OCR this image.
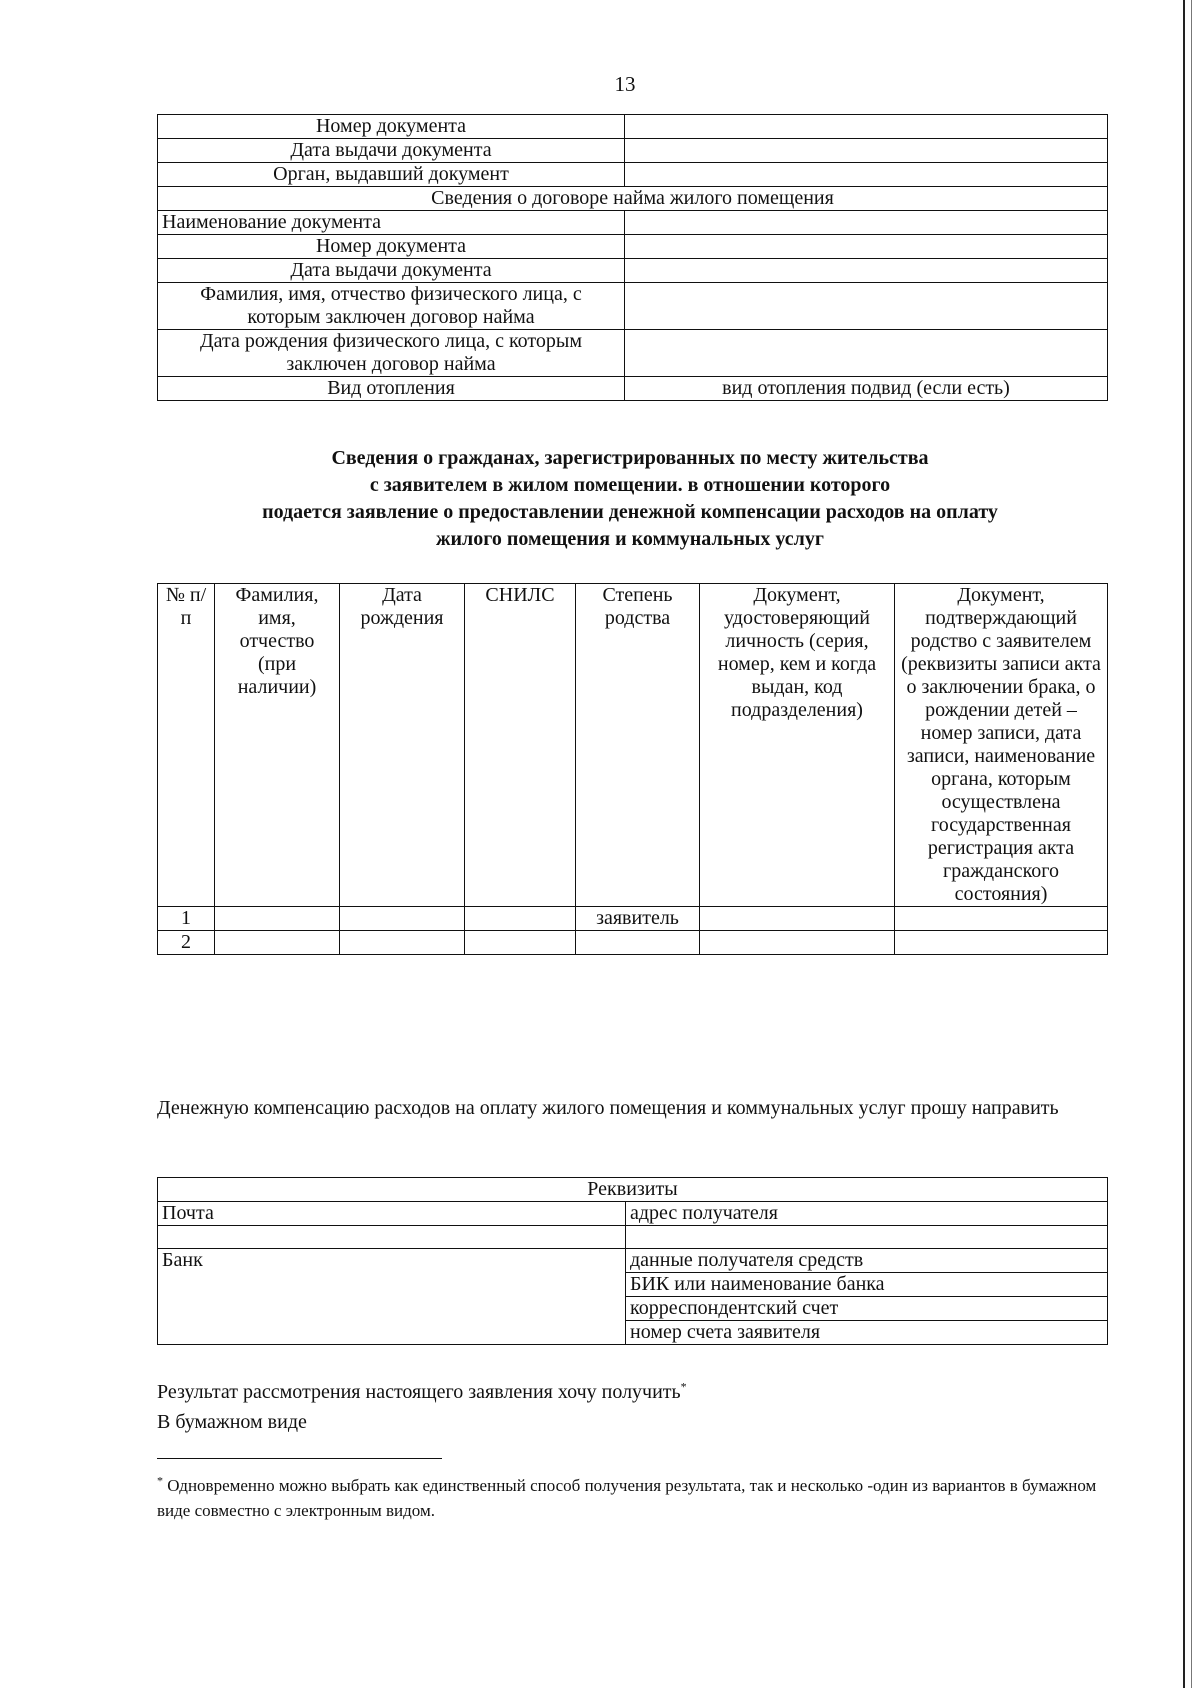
13
Номер документа	
Дата выдачи документа	
Орган, выдавший документ	
Сведения о договоре найма жилого помещения	
Наименование документа	
Номер документа	
Дата выдачи документа	
Фамилия, имя, отчество физического лица, с которым заключен договор найма	
Дата рождения физического лица, с которым заключен договор найма	
Вид отопления	вид отопления подвид (если есть)
Сведения о гражданах, зарегистрированных по месту жительства
с заявителем в жилом помещении. в отношении которого
подается заявление о предоставлении денежной компенсации расходов на оплату
жилого помещения и коммунальных услуг
№ п/п	Фамилия, имя, отчество (при наличии)	Дата рождения	СНИЛС	Степень родства	Документ, удостоверяющий личность (серия, номер, кем и когда выдан, код подразделения)	Документ, подтверждающий родство с заявителем (реквизиты записи акта о заключении брака, о рождении детей – номер записи, дата записи, наименование органа, которым осуществлена государственная регистрация акта гражданского состояния)
1				заявитель		
2						
Денежную компенсацию расходов на оплату жилого помещения и коммунальных услуг прошу направить
Реквизиты	
Почта	адрес получателя

Банк	данные получателя средств
	БИК или наименование банка
	корреспондентский счет
	номер счета заявителя
Результат рассмотрения настоящего заявления хочу получить*
В бумажном виде
* Одновременно можно выбрать как единственный способ получения результата, так и несколько -один из вариантов в бумажном виде совместно с электронным видом.
